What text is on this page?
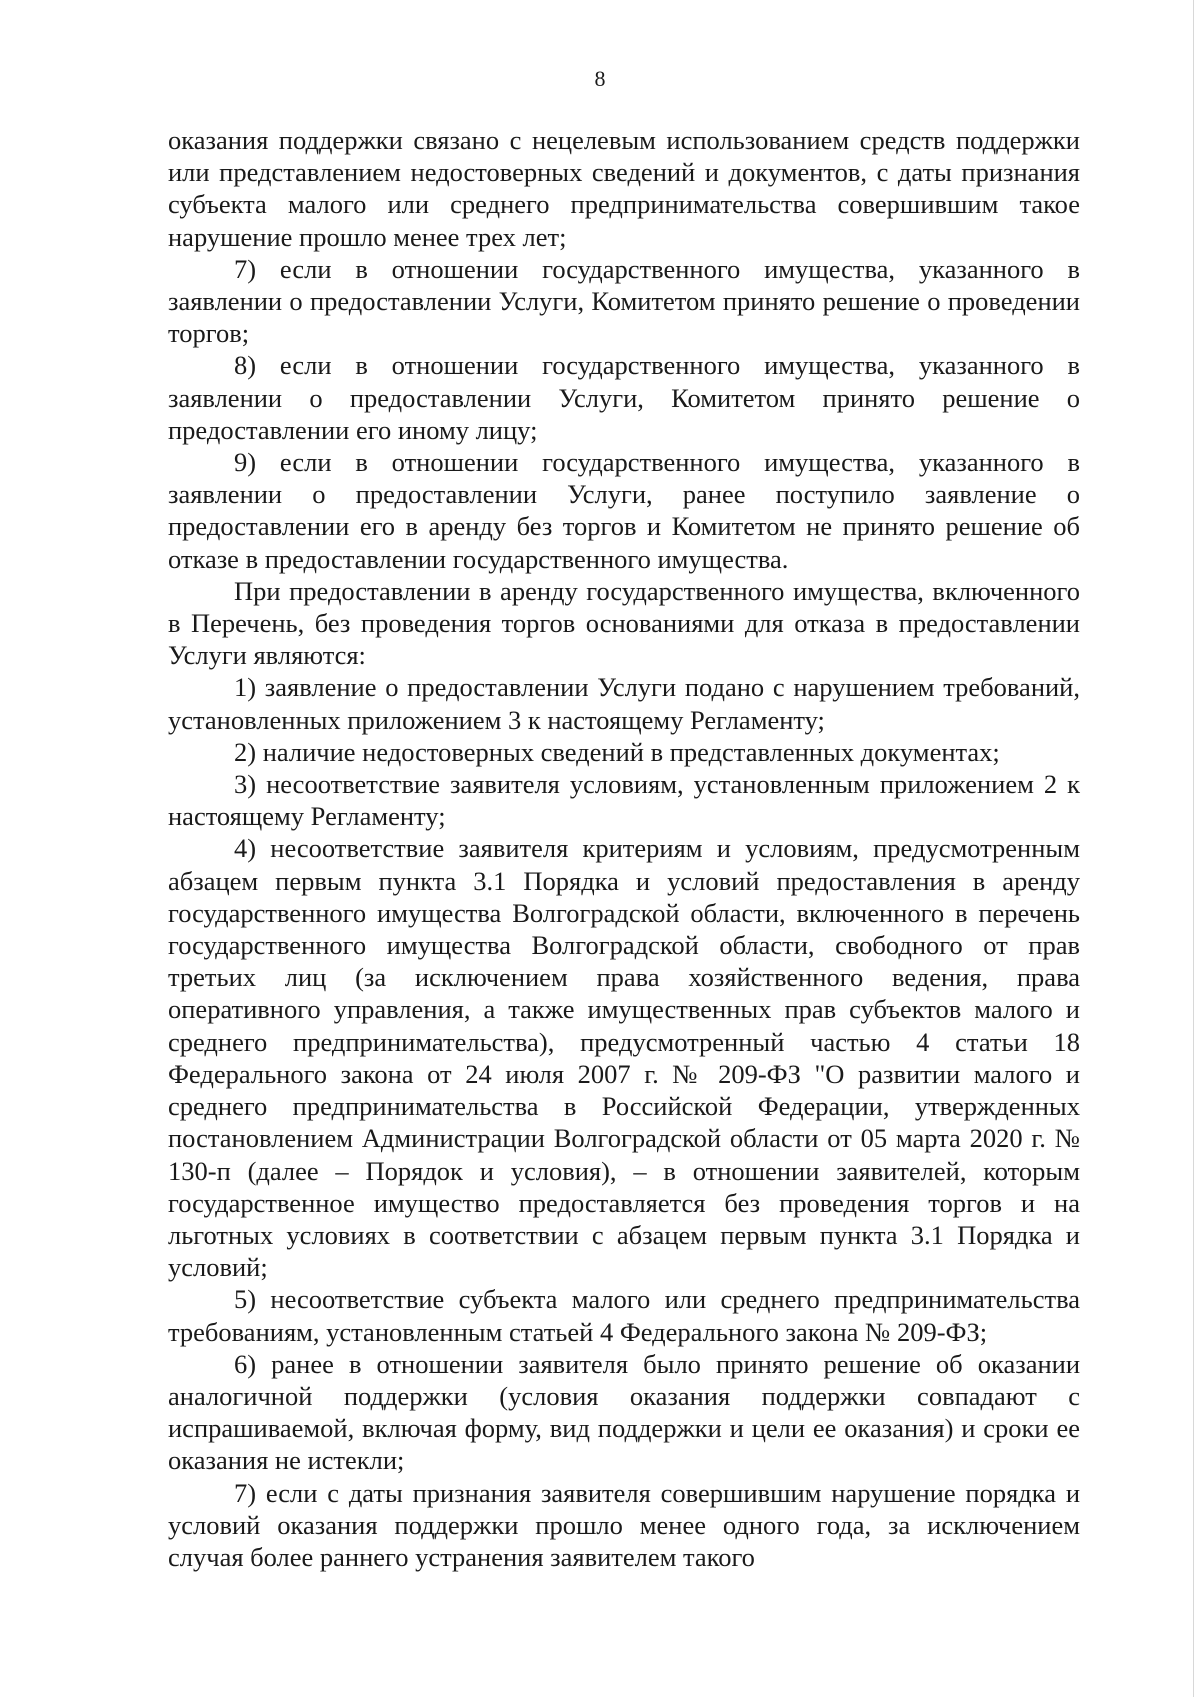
8

оказания поддержки связано с нецелевым использованием средств поддержки или представлением недостоверных сведений и документов, с даты признания субъекта малого или среднего предпринимательства совершившим такое нарушение прошло менее трех лет;

7) если в отношении государственного имущества, указанного в заявлении о предоставлении Услуги, Комитетом принято решение о проведении торгов;

8) если в отношении государственного имущества, указанного в заявлении о предоставлении Услуги, Комитетом принято решение о предоставлении его иному лицу;

9) если в отношении государственного имущества, указанного в заявлении о предоставлении Услуги, ранее поступило заявление о предоставлении его в аренду без торгов и Комитетом не принято решение об отказе в предоставлении государственного имущества.

При предоставлении в аренду государственного имущества, включенного в Перечень, без проведения торгов основаниями для отказа в предоставлении Услуги являются:

1) заявление о предоставлении Услуги подано с нарушением требований, установленных приложением 3 к настоящему Регламенту;

2) наличие недостоверных сведений в представленных документах;

3) несоответствие заявителя условиям, установленным приложением 2 к настоящему Регламенту;

4) несоответствие заявителя критериям и условиям, предусмотренным абзацем первым пункта 3.1 Порядка и условий предоставления в аренду государственного имущества Волгоградской области, включенного в перечень государственного имущества Волгоградской области, свободного от прав третьих лиц (за исключением права хозяйственного ведения, права оперативного управления, а также имущественных прав субъектов малого и среднего предпринимательства), предусмотренный частью 4 статьи 18 Федерального закона от 24 июля 2007 г. № 209-ФЗ "О развитии малого и среднего предпринимательства в Российской Федерации, утвержденных постановлением Администрации Волгоградской области от 05 марта 2020 г. № 130-п (далее – Порядок и условия), – в отношении заявителей, которым государственное имущество предоставляется без проведения торгов и на льготных условиях в соответствии с абзацем первым пункта 3.1 Порядка и условий;

5) несоответствие субъекта малого или среднего предпринимательства требованиям, установленным статьей 4 Федерального закона № 209-ФЗ;

6) ранее в отношении заявителя было принято решение об оказании аналогичной поддержки (условия оказания поддержки совпадают с испрашиваемой, включая форму, вид поддержки и цели ее оказания) и сроки ее оказания не истекли;

7) если с даты признания заявителя совершившим нарушение порядка и условий оказания поддержки прошло менее одного года, за исключением случая более раннего устранения заявителем такого
